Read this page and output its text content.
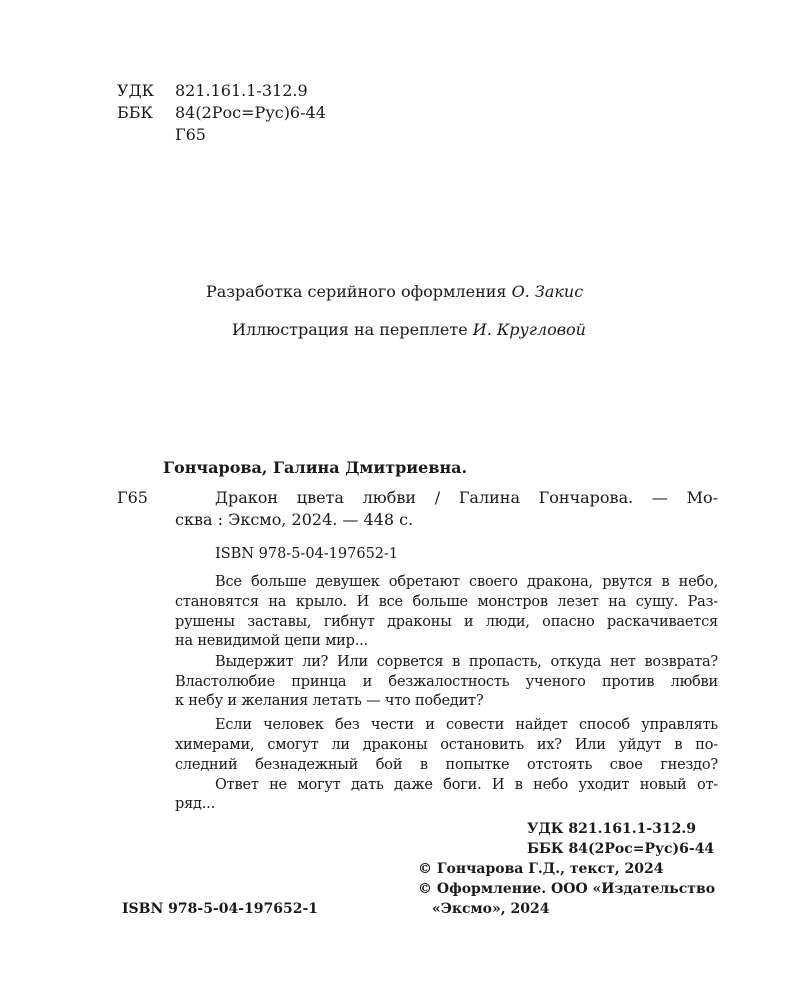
УДК 821.161.1-312.9
ББК 84(2Рос=Рус)6-44
Г65
Разработка серийного оформления О. Закис
Иллюстрация на переплете И. Кругловой
Гончарова, Галина Дмитриевна.
Г65	Дракон цвета любви / Галина Гончарова. — Мо-
сква : Эксмо, 2024. — 448 с.
ISBN 978-5-04-197652-1
Все больше девушек обретают своего дракона, рвутся в небо,
становятся на крыло. И все больше монстров лезет на сушу. Раз-
рушены заставы, гибнут драконы и люди, опасно раскачивается
на невидимой цепи мир...
Выдержит ли? Или сорвется в пропасть, откуда нет возврата?
Властолюбие принца и безжалостность ученого против любви
к небу и желания летать — что победит?
Если человек без чести и совести найдет способ управлять
химерами, смогут ли драконы остановить их? Или уйдут в по-
следний безнадежный бой в попытке отстоять свое гнездо?
Ответ не могут дать даже боги. И в небо уходит новый от-
ряд...
УДК 821.161.1-312.9
ББК 84(2Рос=Рус)6-44
© Гончарова Г.Д., текст, 2024
© Оформление. ООО «Издательство
«Эксмо», 2024
ISBN 978-5-04-197652-1
